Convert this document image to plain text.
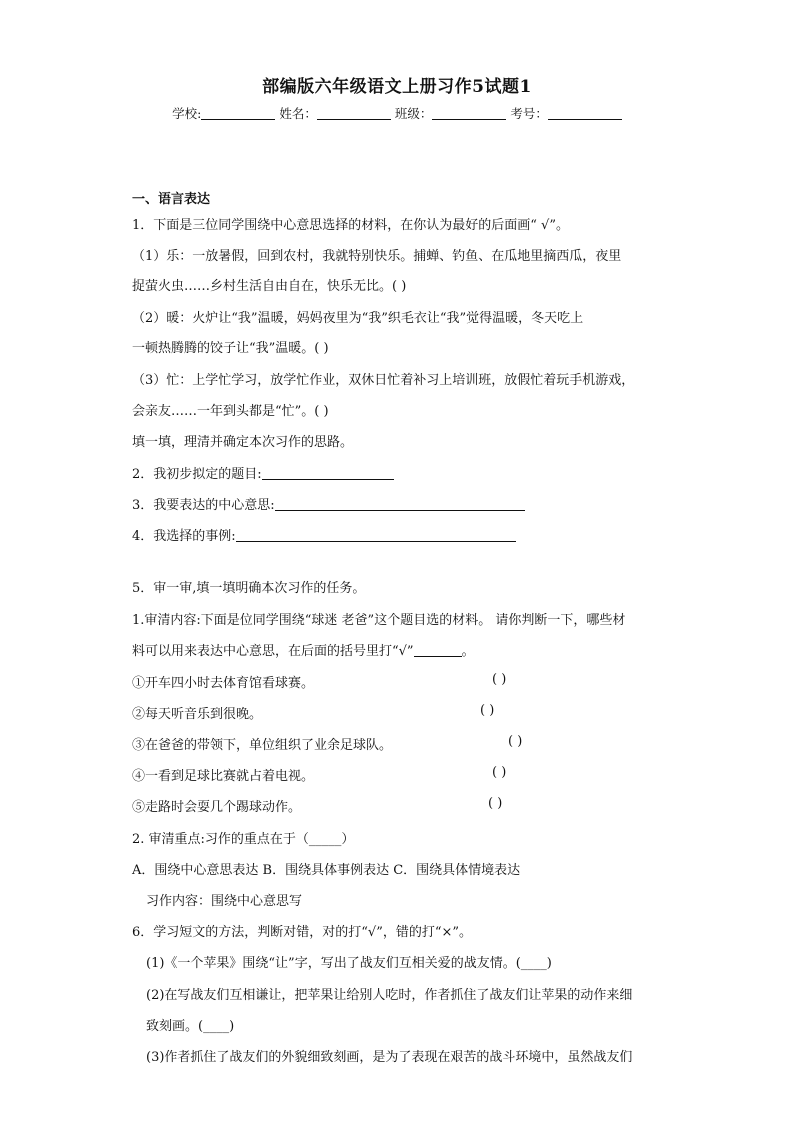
部编版六年级语文上册习作5试题1
学校:	姓名：	班级：	考号：
一、语言表达
1．下面是三位同学围绕中心意思选择的材料，在你认为最好的后面画“ √”。
（1）乐：一放暑假，回到农村，我就特别快乐。捕蝉、钓鱼、在瓜地里摘西瓜，夜里
捉萤火虫……乡村生活自由自在，快乐无比。( )
（2）暖：火炉让“我”温暖，妈妈夜里为“我”织毛衣让“我”觉得温暖，冬天吃上
一顿热腾腾的饺子让“我”温暖。( )
（3）忙：上学忙学习，放学忙作业，双休日忙着补习上培训班，放假忙着玩手机游戏，
会亲友……一年到头都是“忙”。( )
填一填，理清并确定本次习作的思路。
2．我初步拟定的题目:
3．我要表达的中心意思:
4．我选择的事例:
5．审一审,填一填明确本次习作的任务。
1.审清内容:下面是位同学围绕“球迷 老爸”这个题目选的材料。 请你判断一下，哪些材
料可以用来表达中心意思，在后面的括号里打“√”	。
①开车四小时去体育馆看球赛。	( )
②每天听音乐到很晚。	( )
③在爸爸的带领下，单位组织了业余足球队。	( )
④一看到足球比赛就占着电视。	( )
⑤走路时会耍几个踢球动作。	( )
2. 审清重点:习作的重点在于（_____）
A．围绕中心意思表达 B．围绕具体事例表达 C．围绕具体情境表达
习作内容：围绕中心意思写
6．学习短文的方法，判断对错，对的打“√”，错的打“×”。
(1)《一个苹果》围绕“让”字，写出了战友们互相关爱的战友情。(____)
(2)在写战友们互相谦让，把苹果让给别人吃时，作者抓住了战友们让苹果的动作来细
致刻画。(____)
(3)作者抓住了战友们的外貌细致刻画，是为了表现在艰苦的战斗环境中，虽然战友们
